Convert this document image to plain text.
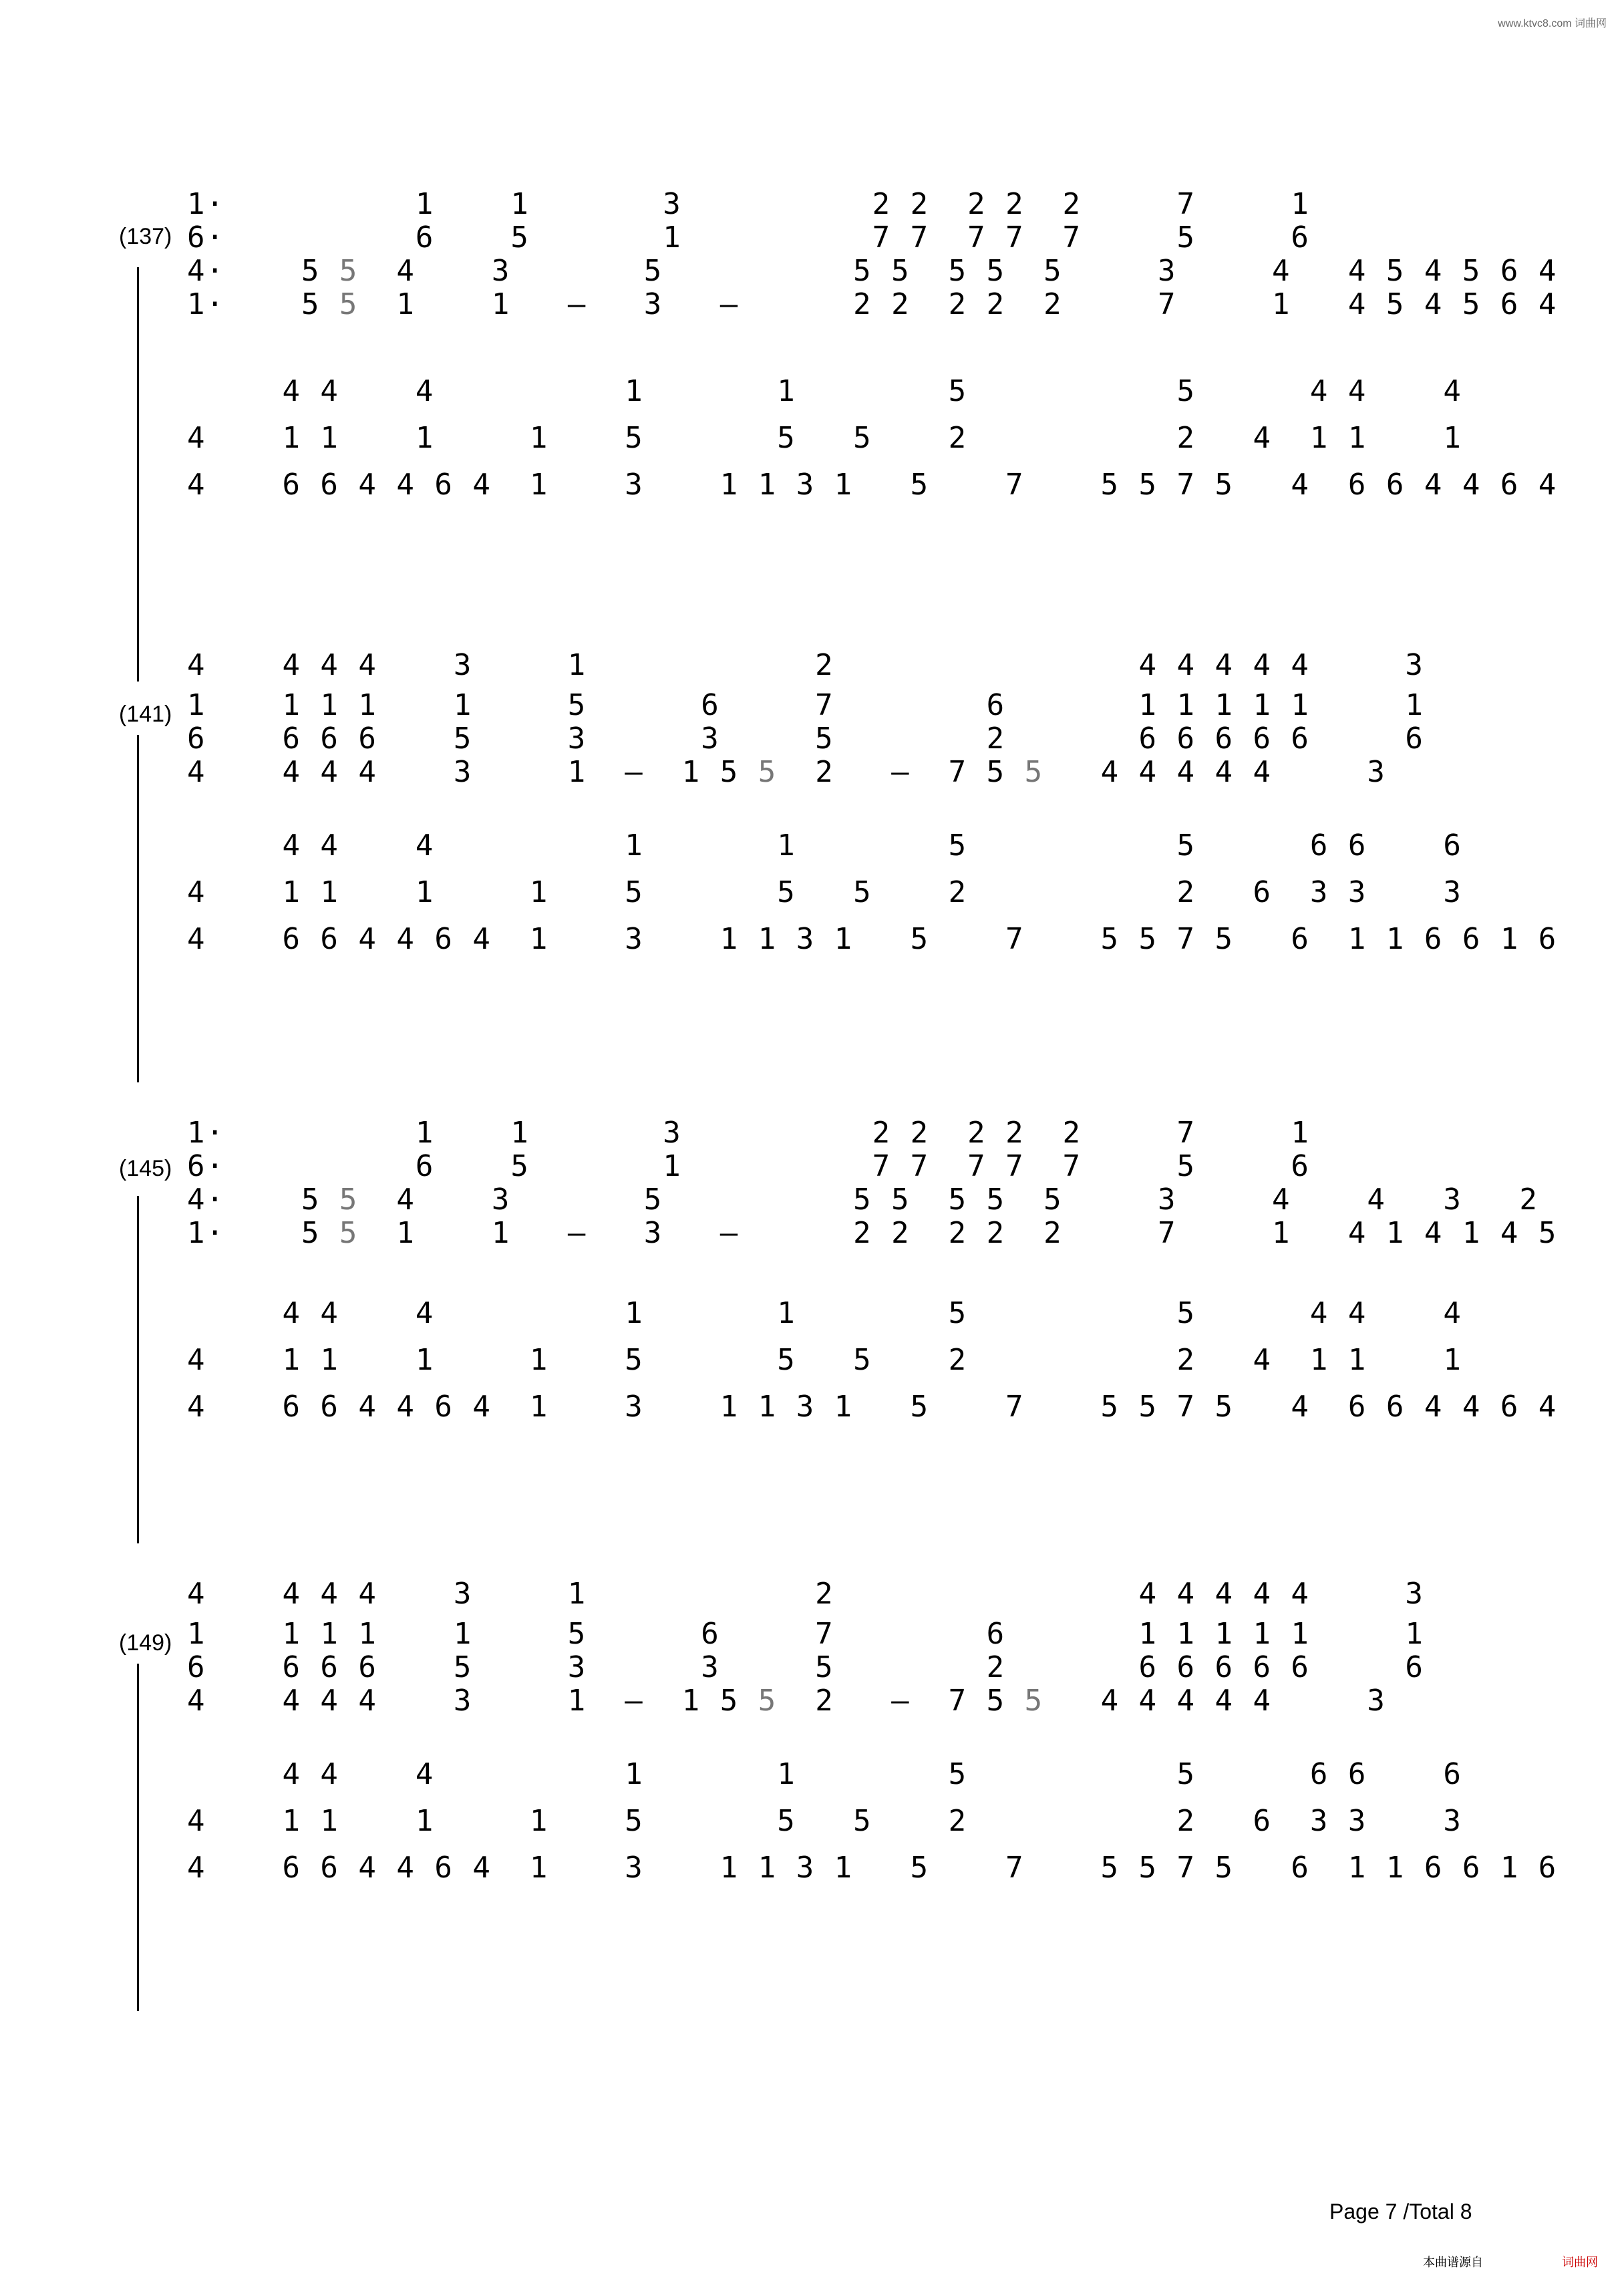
www.ktvc8.com 词曲网
(137)
1·          1    1       3          2 2  2 2  2     7     1
6·          6    5       1          7 7  7 7  7     5     6
4·    5 5  4    3       5          5 5  5 5  5     3     4   4 5 4 5 6 4
1·    5 5  1    1   –   3   –      2 2  2 2  2     7     1   4 5 4 5 6 4
4 4    4          1       1        5           5      4 4    4
4    1 1    1     1    5       5   5    2           2   4  1 1    1
4    6 6 4 4 6 4  1    3    1 1 3 1   5    7    5 5 7 5   4  6 6 4 4 6 4
(141)
4    4 4 4    3     1            2                4 4 4 4 4     3
1    1 1 1    1     5      6     7        6       1 1 1 1 1     1
6    6 6 6    5     3      3     5        2       6 6 6 6 6     6
4    4 4 4    3     1  –  1 5 5  2   –  7 5 5   4 4 4 4 4     3
4 4    4          1       1        5           5      6 6    6
4    1 1    1     1    5       5   5    2           2   6  3 3    3
4    6 6 4 4 6 4  1    3    1 1 3 1   5    7    5 5 7 5   6  1 1 6 6 1 6
(145)
1·          1    1       3          2 2  2 2  2     7     1
6·          6    5       1          7 7  7 7  7     5     6
4·    5 5  4    3       5          5 5  5 5  5     3     4    4   3   2
1·    5 5  1    1   –   3   –      2 2  2 2  2     7     1   4 1 4 1 4 5
4 4    4          1       1        5           5      4 4    4
4    1 1    1     1    5       5   5    2           2   4  1 1    1
4    6 6 4 4 6 4  1    3    1 1 3 1   5    7    5 5 7 5   4  6 6 4 4 6 4
(149)
4    4 4 4    3     1            2                4 4 4 4 4     3
1    1 1 1    1     5      6     7        6       1 1 1 1 1     1
6    6 6 6    5     3      3     5        2       6 6 6 6 6     6
4    4 4 4    3     1  –  1 5 5  2   –  7 5 5   4 4 4 4 4     3
4 4    4          1       1        5           5      6 6    6
4    1 1    1     1    5       5   5    2           2   6  3 3    3
4    6 6 4 4 6 4  1    3    1 1 3 1   5    7    5 5 7 5   6  1 1 6 6 1 6
Page 7 /Total 8
本曲谱源自	词曲网
